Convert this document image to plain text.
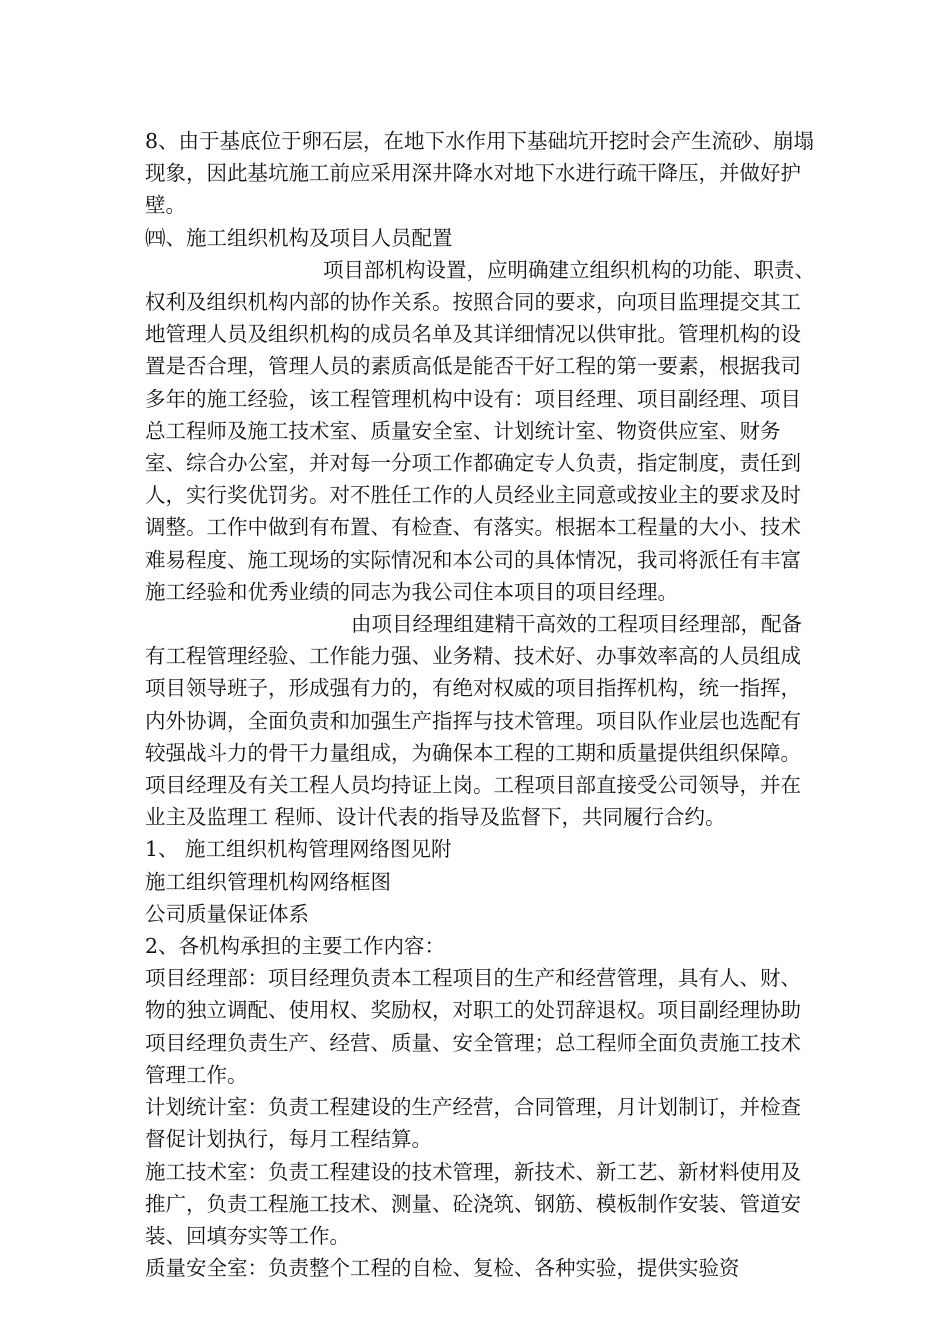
8、由于基底位于卵石层，在地下水作用下基础坑开挖时会产生流砂、崩塌现象，因此基坑施工前应采用深井降水对地下水进行疏干降压，并做好护壁。

㈣、施工组织机构及项目人员配置

项目部机构设置，应明确建立组织机构的功能、职责、权利及组织机构内部的协作关系。按照合同的要求，向项目监理提交其工地管理人员及组织机构的成员名单及其详细情况以供审批。管理机构的设置是否合理，管理人员的素质高低是能否干好工程的第一要素，根据我司多年的施工经验，该工程管理机构中设有：项目经理、项目副经理、项目总工程师及施工技术室、质量安全室、计划统计室、物资供应室、财务室、综合办公室，并对每一分项工作都确定专人负责，指定制度，责任到人，实行奖优罚劣。对不胜任工作的人员经业主同意或按业主的要求及时调整。工作中做到有布置、有检查、有落实。根据本工程量的大小、技术难易程度、施工现场的实际情况和本公司的具体情况，我司将派任有丰富施工经验和优秀业绩的同志为我公司住本项目的项目经理。

由项目经理组建精干高效的工程项目经理部，配备有工程管理经验、工作能力强、业务精、技术好、办事效率高的人员组成项目领导班子，形成强有力的，有绝对权威的项目指挥机构，统一指挥，内外协调，全面负责和加强生产指挥与技术管理。项目队作业层也选配有较强战斗力的骨干力量组成，为确保本工程的工期和质量提供组织保障。项目经理及有关工程人员均持证上岗。工程项目部直接受公司领导，并在业主及监理工 程师、设计代表的指导及监督下，共同履行合约。

1、 施工组织机构管理网络图见附

施工组织管理机构网络框图

公司质量保证体系

2、各机构承担的主要工作内容：

项目经理部：项目经理负责本工程项目的生产和经营管理，具有人、财、物的独立调配、使用权、奖励权，对职工的处罚辞退权。项目副经理协助项目经理负责生产、经营、质量、安全管理；总工程师全面负责施工技术管理工作。

计划统计室：负责工程建设的生产经营，合同管理，月计划制订，并检查督促计划执行，每月工程结算。

施工技术室：负责工程建设的技术管理，新技术、新工艺、新材料使用及推广，负责工程施工技术、测量、砼浇筑、钢筋、模板制作安装、管道安装、回填夯实等工作。

质量安全室：负责整个工程的自检、复检、各种实验，提供实验资
